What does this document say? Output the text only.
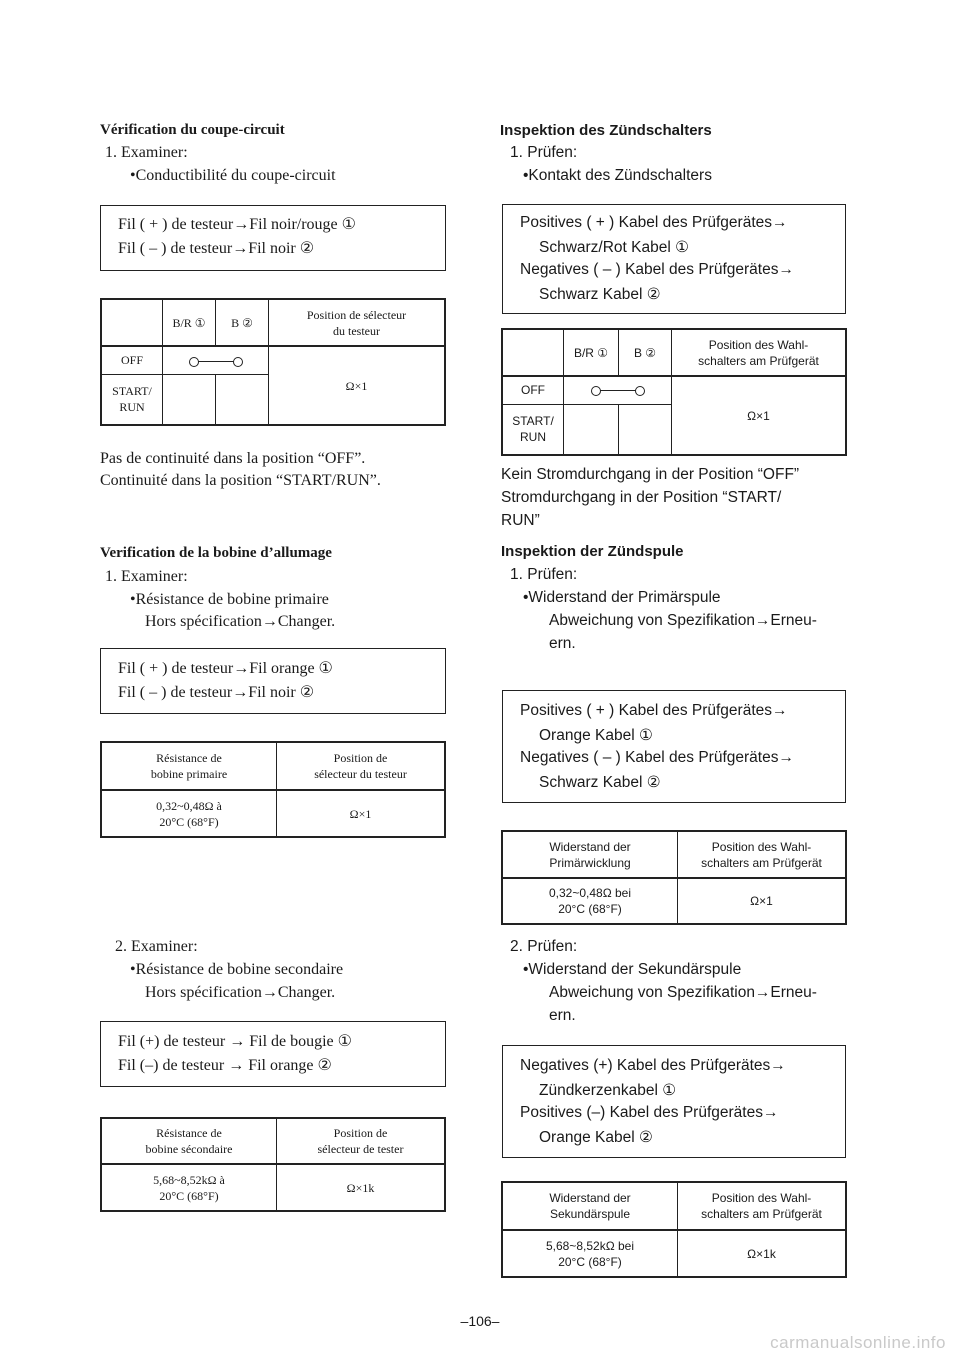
Vérification du coupe-circuit
1. Examiner:
•Conductibilité du coupe-circuit
Fil ( + ) de testeur→Fil noir/rouge ①
Fil ( – ) de testeur→Fil noir ②
	B/R ①	B ②	Position de sélecteur
du testeur
OFF			Ω×1
START/
RUN			
Pas de continuité dans la position “OFF”.
Continuité dans la position “START/RUN”.
Verification de la bobine d’allumage
1. Examiner:
•Résistance de bobine primaire
Hors spécification→Changer.
Fil ( + ) de testeur→Fil orange ①
Fil ( – ) de testeur→Fil noir ②
Résistance de
bobine primaire	Position de
sélecteur du testeur
0,32~0,48Ω à
20°C (68°F)	Ω×1
2. Examiner:
•Résistance de bobine secondaire
Hors spécification→Changer.
Fil (+) de testeur → Fil de bougie ①
Fil (–) de testeur → Fil orange ②
Résistance de
bobine sécondaire	Position de
sélecteur de tester
5,68~8,52kΩ à
20°C (68°F)	Ω×1k
Inspektion des Zündschalters
1. Prüfen:
•Kontakt des Zündschalters
Positives ( + ) Kabel des Prüfgerätes→
Schwarz/Rot Kabel ①
Negatives ( – ) Kabel des Prüfgerätes→
Schwarz Kabel ②
	B/R ①	B ②	Position des Wahl-
schalters am Prüfgerät
OFF			Ω×1
START/
RUN			
Kein Stromdurchgang in der Position “OFF”
Stromdurchgang in der Position “START/
RUN”
Inspektion der Zündspule
1. Prüfen:
•Widerstand der Primärspule
Abweichung von Spezifikation→Erneu-
ern.
Positives ( + ) Kabel des Prüfgerätes→
Orange Kabel ①
Negatives ( – ) Kabel des Prüfgerätes→
Schwarz Kabel ②
Widerstand der
Primärwicklung	Position des Wahl-
schalters am Prüfgerät
0,32~0,48Ω bei
20°C (68°F)	Ω×1
2. Prüfen:
•Widerstand der Sekundärspule
Abweichung von Spezifikation→Erneu-
ern.
Negatives (+) Kabel des Prüfgerätes→
Zündkerzenkabel ①
Positives (–) Kabel des Prüfgerätes→
Orange Kabel ②
Widerstand der
Sekundärspule	Position des Wahl-
schalters am Prüfgerät
5,68~8,52kΩ bei
20°C (68°F)	Ω×1k
–106–
carmanualsonline.info
